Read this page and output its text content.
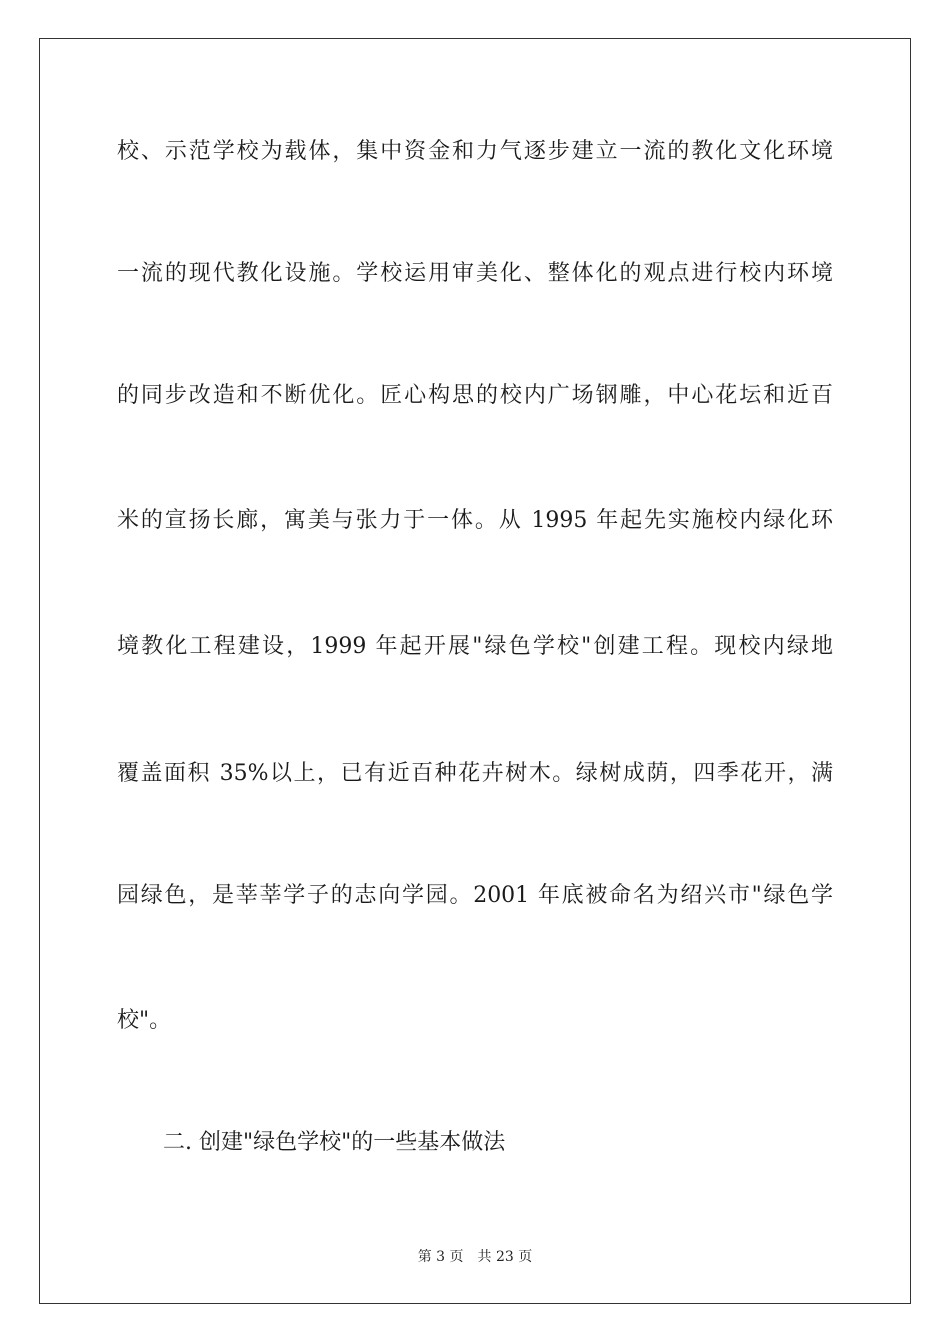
校、示范学校为载体，集中资金和力气逐步建立一流的教化文化环境
一流的现代教化设施。学校运用审美化、整体化的观点进行校内环境
的同步改造和不断优化。匠心构思的校内广场钢雕，中心花坛和近百
米的宣扬长廊，寓美与张力于一体。从 1995 年起先实施校内绿化环
境教化工程建设，1999 年起开展"绿色学校"创建工程。现校内绿地
覆盖面积 35%以上，已有近百种花卉树木。绿树成荫，四季花开，满
园绿色，是莘莘学子的志向学园。2001 年底被命名为绍兴市"绿色学
校"。
二. 创建"绿色学校"的一些基本做法
第 3 页 共 23 页
